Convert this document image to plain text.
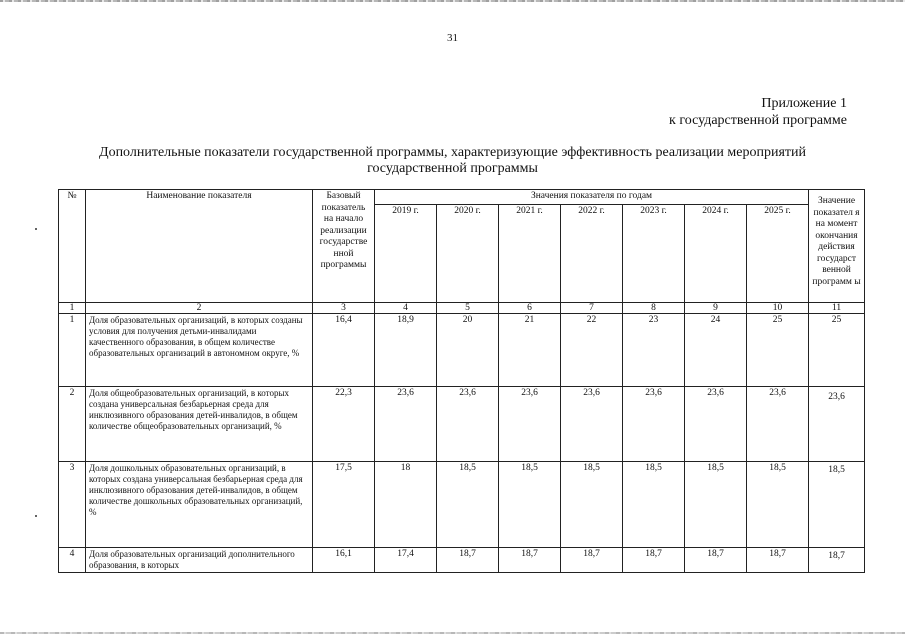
31
Приложение 1
к государственной программе
Дополнительные показатели государственной программы, характеризующие эффективность реализации мероприятий
государственной программы
№	Наименование показателя	Базовый показатель на начало реализации государстве нной программы	Значения показателя по годам							Значение показател я на момент окончания действия государст венной программ ы
			2019 г.	2020 г.	2021 г.	2022 г.	2023 г.	2024 г.	2025 г.	
1	2	3	4	5	6	7	8	9	10	11
1	Доля образовательных организаций, в которых созданы условия для получения детьми-инвалидами качественного образования, в общем количестве образовательных организаций в автономном округе, %	16,4	18,9	20	21	22	23	24	25	25
2	Доля общеобразовательных организаций, в которых создана универсальная безбарьерная среда для инклюзивного образования детей-инвалидов, в общем количестве общеобразовательных организаций, %	22,3	23,6	23,6	23,6	23,6	23,6	23,6	23,6	23,6
3	Доля дошкольных образовательных организаций, в которых создана универсальная безбарьерная среда для инклюзивного образования детей-инвалидов, в общем количестве дошкольных образовательных организаций, %	17,5	18	18,5	18,5	18,5	18,5	18,5	18,5	18,5
4	Доля образовательных организаций дополнительного образования, в которых	16,1	17,4	18,7	18,7	18,7	18,7	18,7	18,7	18,7
